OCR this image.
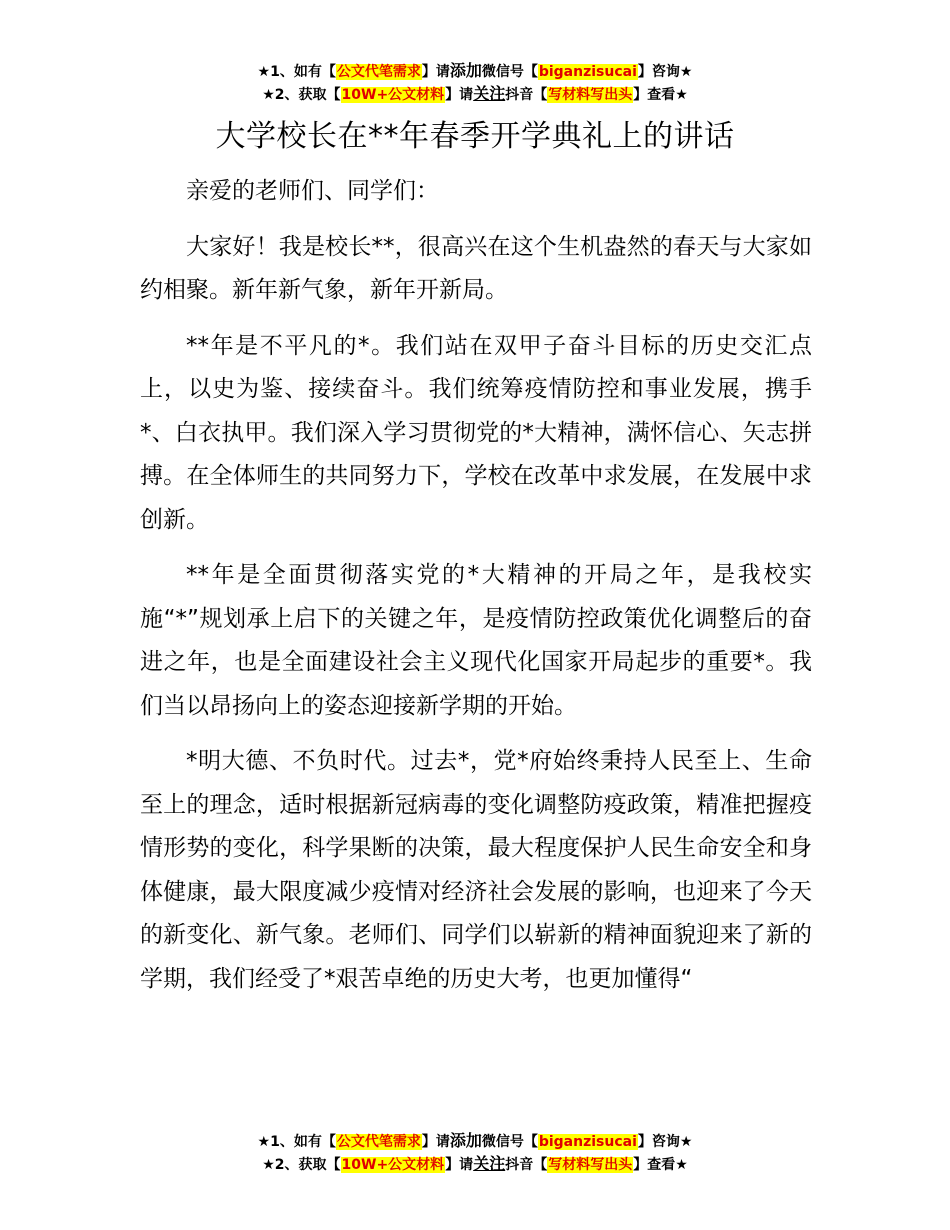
★1、如有【公文代笔需求】请添加微信号【biganzisucai】咨询★
★2、获取【10W+公文材料】请关注抖音【写材料写出头】查看★
大学校长在**年春季开学典礼上的讲话

亲爱的老师们、同学们：

大家好！我是校长**，很高兴在这个生机盎然的春天与大家如约相聚。新年新气象，新年开新局。

**年是不平凡的*。我们站在双甲子奋斗目标的历史交汇点上，以史为鉴、接续奋斗。我们统筹疫情防控和事业发展，携手*、白衣执甲。我们深入学习贯彻党的*大精神，满怀信心、矢志拼搏。在全体师生的共同努力下，学校在改革中求发展，在发展中求创新。

**年是全面贯彻落实党的*大精神的开局之年，是我校实施“*”规划承上启下的关键之年，是疫情防控政策优化调整后的奋进之年，也是全面建设社会主义现代化国家开局起步的重要*。我们当以昂扬向上的姿态迎接新学期的开始。

*明大德、不负时代。过去*，党*府始终秉持人民至上、生命至上的理念，适时根据新冠病毒的变化调整防疫政策，精准把握疫情形势的变化，科学果断的决策，最大程度保护人民生命安全和身体健康，最大限度减少疫情对经济社会发展的影响，也迎来了今天的新变化、新气象。老师们、同学们以崭新的精神面貌迎来了新的学期，我们经受了*艰苦卓绝的历史大考，也更加懂得“

★1、如有【公文代笔需求】请添加微信号【biganzisucai】咨询★
★2、获取【10W+公文材料】请关注抖音【写材料写出头】查看★
